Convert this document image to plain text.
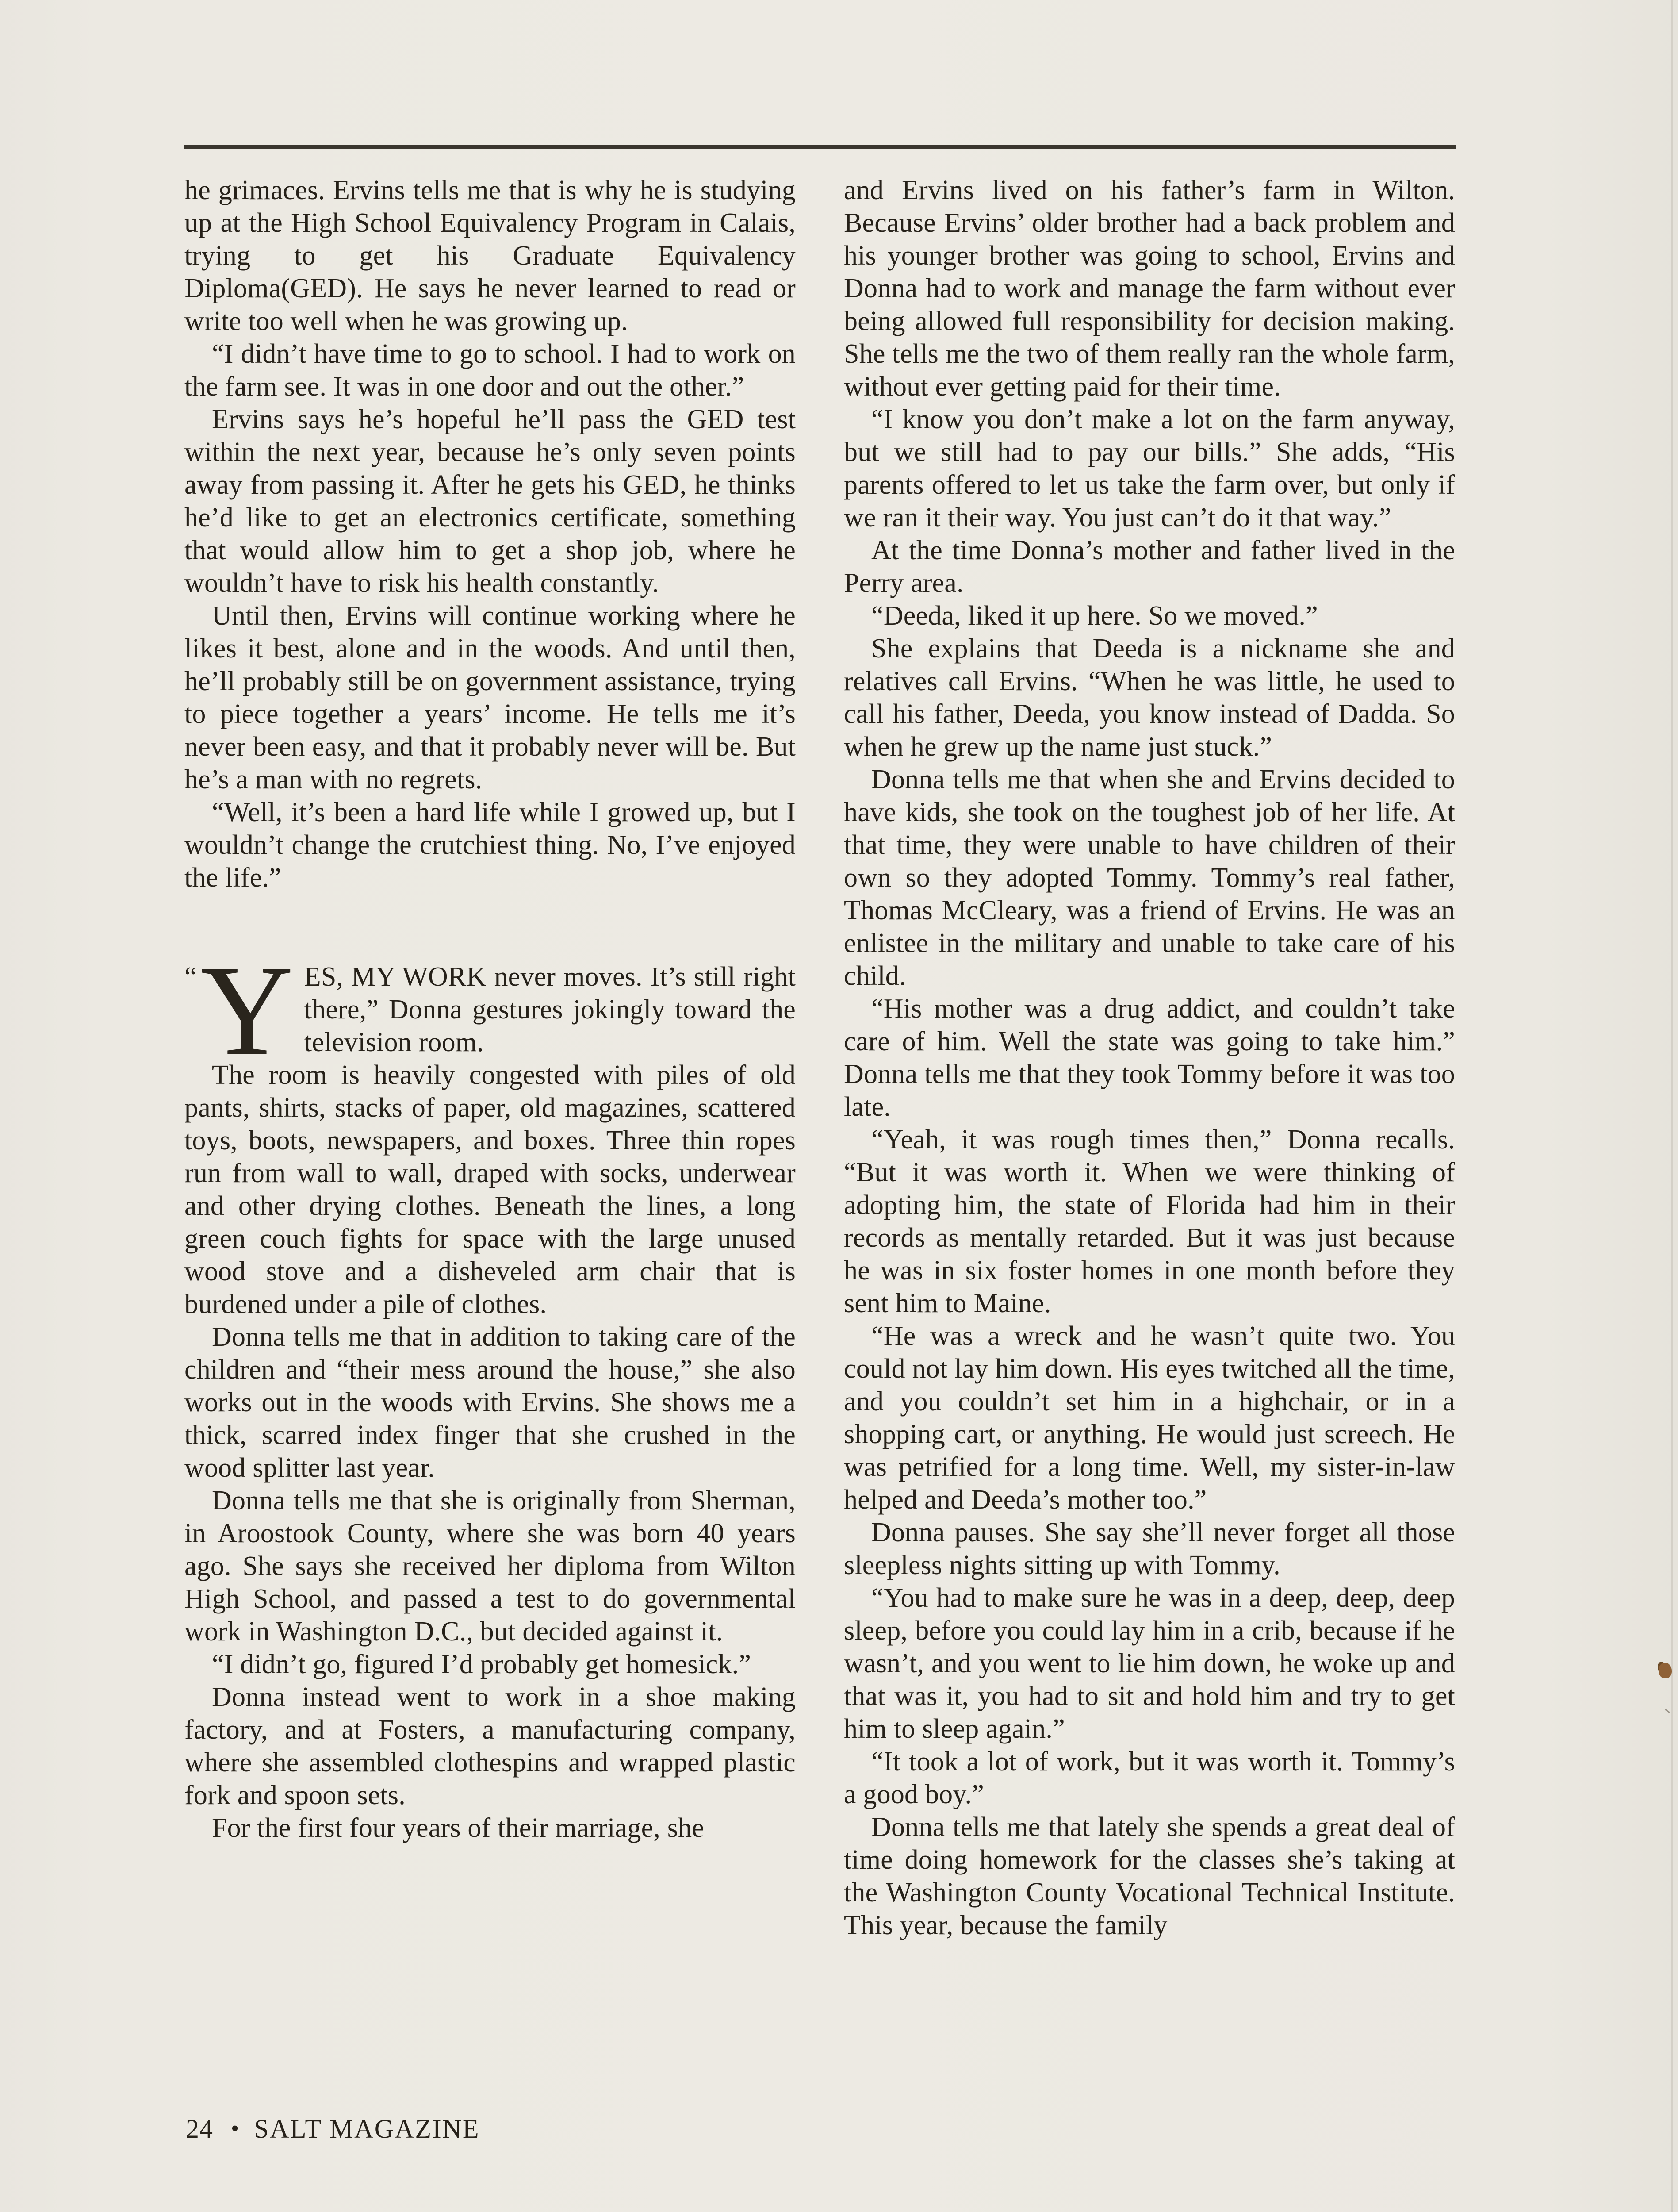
he grimaces. Ervins tells me that is why he is studying up at the High School Equivalency Program in Calais, trying to get his Graduate Equivalency Diploma(GED). He says he never learned to read or write too well when he was growing up.

“I didn’t have time to go to school. I had to work on the farm see. It was in one door and out the other.”

Ervins says he’s hopeful he’ll pass the GED test within the next year, because he’s only seven points away from passing it. After he gets his GED, he thinks he’d like to get an electronics certificate, something that would allow him to get a shop job, where he wouldn’t have to risk his health constantly.

Until then, Ervins will continue working where he likes it best, alone and in the woods. And until then, he’ll probably still be on government assistance, trying to piece together a years’ income. He tells me it’s never been easy, and that it probably never will be. But he’s a man with no regrets.

“Well, it’s been a hard life while I growed up, but I wouldn’t change the crutchiest thing. No, I’ve enjoyed the life.”

“ Y ES, MY WORK never moves. It’s still right there,” Donna gestures jokingly toward the television room.

The room is heavily congested with piles of old pants, shirts, stacks of paper, old magazines, scattered toys, boots, newspapers, and boxes. Three thin ropes run from wall to wall, draped with socks, underwear and other drying clothes. Beneath the lines, a long green couch fights for space with the large unused wood stove and a disheveled arm chair that is burdened under a pile of clothes.

Donna tells me that in addition to taking care of the children and “their mess around the house,” she also works out in the woods with Ervins. She shows me a thick, scarred index finger that she crushed in the wood splitter last year.

Donna tells me that she is originally from Sherman, in Aroostook County, where she was born 40 years ago. She says she received her diploma from Wilton High School, and passed a test to do governmental work in Washington D.C., but decided against it.

“I didn’t go, figured I’d probably get homesick.”

Donna instead went to work in a shoe making factory, and at Fosters, a manufacturing company, where she assembled clothespins and wrapped plastic fork and spoon sets.

For the first four years of their marriage, she

and Ervins lived on his father’s farm in Wilton. Because Ervins’ older brother had a back problem and his younger brother was going to school, Ervins and Donna had to work and manage the farm without ever being allowed full responsibility for decision making. She tells me the two of them really ran the whole farm, without ever getting paid for their time.

“I know you don’t make a lot on the farm anyway, but we still had to pay our bills.” She adds, “His parents offered to let us take the farm over, but only if we ran it their way. You just can’t do it that way.”

At the time Donna’s mother and father lived in the Perry area.

“Deeda, liked it up here. So we moved.”

She explains that Deeda is a nickname she and relatives call Ervins. “When he was little, he used to call his father, Deeda, you know instead of Dadda. So when he grew up the name just stuck.”

Donna tells me that when she and Ervins decided to have kids, she took on the toughest job of her life. At that time, they were unable to have children of their own so they adopted Tommy. Tommy’s real father, Thomas McCleary, was a friend of Ervins. He was an enlistee in the military and unable to take care of his child.

“His mother was a drug addict, and couldn’t take care of him. Well the state was going to take him.” Donna tells me that they took Tommy before it was too late.

“Yeah, it was rough times then,” Donna recalls. “But it was worth it. When we were thinking of adopting him, the state of Florida had him in their records as mentally retarded. But it was just because he was in six foster homes in one month before they sent him to Maine.

“He was a wreck and he wasn’t quite two. You could not lay him down. His eyes twitched all the time, and you couldn’t set him in a highchair, or in a shopping cart, or anything. He would just screech. He was petrified for a long time. Well, my sister-in-law helped and Deeda’s mother too.”

Donna pauses. She say she’ll never forget all those sleepless nights sitting up with Tommy.

“You had to make sure he was in a deep, deep, deep sleep, before you could lay him in a crib, because if he wasn’t, and you went to lie him down, he woke up and that was it, you had to sit and hold him and try to get him to sleep again.”

“It took a lot of work, but it was worth it. Tommy’s a good boy.”

Donna tells me that lately she spends a great deal of time doing homework for the classes she’s taking at the Washington County Vocational Technical Institute. This year, because the family

24 • SALT MAGAZINE
